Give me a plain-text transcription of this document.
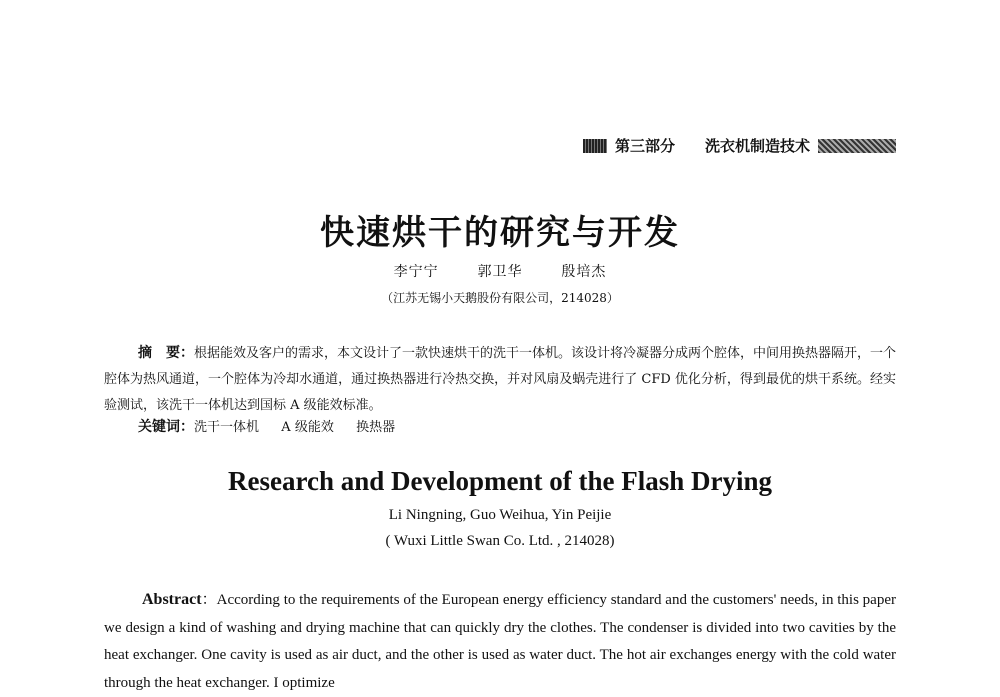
第三部分 洗衣机制造技术
快速烘干的研究与开发
李宁宁	郭卫华	殷培杰
（江苏无锡小天鹅股份有限公司，214028）
摘　要：根据能效及客户的需求，本文设计了一款快速烘干的洗干一体机。该设计将冷凝器分成两个腔体，中间用换热器隔开，一个腔体为热风通道，一个腔体为冷却水通道，通过换热器进行冷热交换，并对风扇及蜗壳进行了 CFD 优化分析，得到最优的烘干系统。经实验测试，该洗干一体机达到国标 A 级能效标准。
关键词：洗干一体机 A 级能效 换热器
Research and Development of the Flash Drying
Li Ningning, Guo Weihua, Yin Peijie
( Wuxi Little Swan Co. Ltd. , 214028)
Abstract：According to the requirements of the European energy efficiency standard and the customers' needs, in this paper we design a kind of washing and drying machine that can quickly dry the clothes. The condenser is divided into two cavities by the heat exchanger. One cavity is used as air duct, and the other is used as water duct. The hot air exchanges energy with the cold water through the heat exchanger. I optimize
